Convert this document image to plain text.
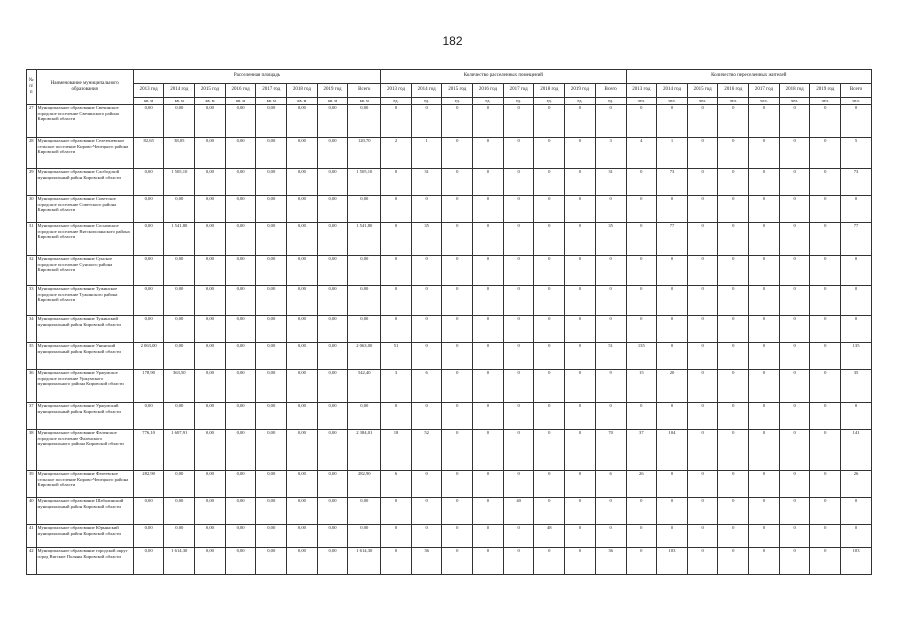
182
№ п/п	Наименование муниципального образования	Расселенная площадь								Количество расселенных помещений								Количество переселенных жителей							
		2013 год	2014 год	2015 год	2016 год	2017 год	2018 год	2019 год	Всего	2013 год	2014 год	2015 год	2016 год	2017 год	2018 год	2019 год	Всего	2013 год	2014 год	2015 год	2016 год	2017 год	2018 год	2019 год	Всего
		кв. м	кв. м	кв. м	кв. м	кв. м	кв. м	кв. м	кв. м	ед.	ед.	ед.	ед.	ед.	ед.	ед.	ед.	чел.	чел.	чел.	чел.	чел.	чел.	чел.	чел.
27	Муниципальное образование Свечинское городское поселение Свечинского района Кировской области	0,00	0,00	0,00	0,00	0,00	0,00	0,00	0,00	0	0	0	0	0	0	0	0	0	0	0	0	0	0	0	0
28	Муниципальное образование Селезеневское сельское поселение Кирово-Чепецкого района Кировской области	82,65	38,05	0,00	0,00	0,00	0,00	0,00	120,70	2	1	0	0	0	0	0	3	4	1	0	0	0	0	0	5
29	Муниципальное образование Слободской муниципальный район Кировской области	0,00	1 505,10	0,00	0,00	0,00	0,00	0,00	1 505,10	0	31	0	0	0	0	0	31	0	73	0	0	0	0	0	73
30	Муниципальное образование Советское городское поселение Советского района Кировской области	0,00	0,00	0,00	0,00	0,00	0,00	0,00	0,00	0	0	0	0	0	0	0	0	0	0	0	0	0	0	0	0
31	Муниципальное образование Сосновское городское поселение Вятскополянского района Кировской области	0,00	1 541,80	0,00	0,00	0,00	0,00	0,00	1 541,80	0	35	0	0	0	0	0	35	0	77	0	0	0	0	0	77
32	Муниципальное образование Сунское городское поселение Сунского района Кировской области	0,00	0,00	0,00	0,00	0,00	0,00	0,00	0,00	0	0	0	0	0	0	0	0	0	0	0	0	0	0	0	0
33	Муниципальное образование Тужинское городское поселение Тужинского района Кировской области	0,00	0,00	0,00	0,00	0,00	0,00	0,00	0,00	0	0	0	0	0	0	0	0	0	0	0	0	0	0	0	0
34	Муниципальное образование Тужинский муниципальный район Кировской области	0,00	0,00	0,00	0,00	0,00	0,00	0,00	0,00	0	0	0	0	0	0	0	0	0	0	0	0	0	0	0	0
35	Муниципальное образование Унинский муниципальный район Кировской области	2 063,00	0,00	0,00	0,00	0,00	0,00	0,00	2 063,00	51	0	0	0	0	0	0	51	135	0	0	0	0	0	0	135
36	Муниципальное образование Уржумское городское поселение Уржумского муниципального района Кировской области	178,90	363,50	0,00	0,00	0,00	0,00	0,00	542,40	3	6	0	0	0	0	0	9	15	20	0	0	0	0	0	35
37	Муниципальное образование Уржумский муниципальный район Кировской области	0,00	0,00	0,00	0,00	0,00	0,00	0,00	0,00	0	0	0	0	0	0	0	0	0	0	0	0	0	0	0	0
38	Муниципальное образование Фаленское городское поселение Фаленского муниципального района Кировской области	776,10	1 607,91	0,00	0,00	0,00	0,00	0,00	2 384,01	18	52	0	0	0	0	0	70	37	104	0	0	0	0	0	141
39	Муниципальное образование Фатеевское сельское поселение Кирово-Чепецкого района Кировской области	282,90	0,00	0,00	0,00	0,00	0,00	0,00	282,90	6	0	0	0	0	0	0	6	26	0	0	0	0	0	0	26
40	Муниципальное образование Шабалинский муниципальный район Кировской области	0,00	0,00	0,00	0,00	0,00	0,00	0,00	0,00	0	0	0	0	40	0	0	0	0	0	0	0	0	0	0	0
41	Муниципальное образование Юрьянский муниципальный район Кировской области	0,00	0,00	0,00	0,00	0,00	0,00	0,00	0,00	0	0	0	0	0	48	0	0	0	0	0	0	0	0	0	0
42	Муниципальное образование городской округ город Вятские Поляны Кировской области	0,00	1 614,30	0,00	0,00	0,00	0,00	0,00	1 614,30	0	36	0	0	0	0	0	36	0	103	0	0	0	0	0	103
